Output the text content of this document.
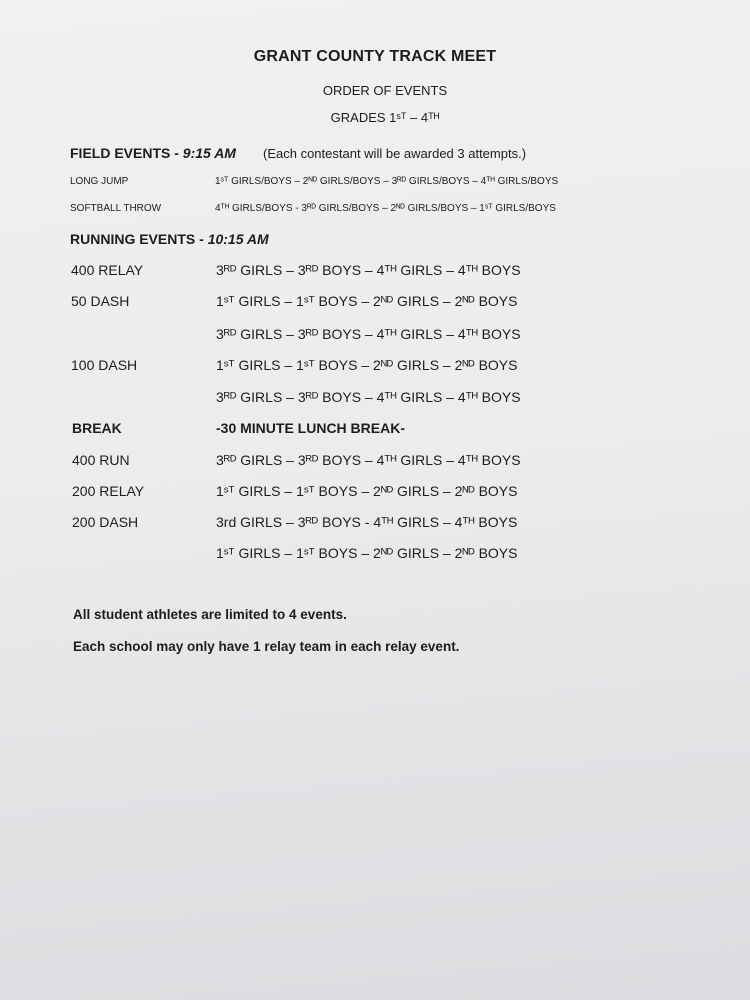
GRANT COUNTY TRACK MEET
ORDER OF EVENTS
GRADES 1ˢᵀ – 4ᵀᴴ
FIELD EVENTS - 9:15 AM (Each contestant will be awarded 3 attempts.)
LONG JUMP	1ˢᵀ GIRLS/BOYS – 2ᴺᴰ GIRLS/BOYS – 3ᴿᴰ GIRLS/BOYS – 4ᵀᴴ GIRLS/BOYS
SOFTBALL THROW	4ᵀᴴ GIRLS/BOYS - 3ᴿᴰ GIRLS/BOYS – 2ᴺᴰ GIRLS/BOYS – 1ˢᵀ GIRLS/BOYS
RUNNING EVENTS - 10:15 AM
400 RELAY	3ᴿᴰ GIRLS – 3ᴿᴰ BOYS – 4ᵀᴴ GIRLS – 4ᵀᴴ BOYS
50 DASH	1ˢᵀ GIRLS – 1ˢᵀ BOYS – 2ᴺᴰ GIRLS – 2ᴺᴰ BOYS
3ᴿᴰ GIRLS – 3ᴿᴰ BOYS – 4ᵀᴴ GIRLS – 4ᵀᴴ BOYS
100 DASH	1ˢᵀ GIRLS – 1ˢᵀ BOYS – 2ᴺᴰ GIRLS – 2ᴺᴰ BOYS
3ᴿᴰ GIRLS – 3ᴿᴰ BOYS – 4ᵀᴴ GIRLS – 4ᵀᴴ BOYS
BREAK	-30 MINUTE LUNCH BREAK-
400 RUN	3ᴿᴰ GIRLS – 3ᴿᴰ BOYS – 4ᵀᴴ GIRLS – 4ᵀᴴ BOYS
200 RELAY	1ˢᵀ GIRLS – 1ˢᵀ BOYS – 2ᴺᴰ GIRLS – 2ᴺᴰ BOYS
200 DASH	3rd GIRLS – 3ᴿᴰ BOYS - 4ᵀᴴ GIRLS – 4ᵀᴴ BOYS
1ˢᵀ GIRLS – 1ˢᵀ BOYS – 2ᴺᴰ GIRLS – 2ᴺᴰ BOYS
All student athletes are limited to 4 events.
Each school may only have 1 relay team in each relay event.
